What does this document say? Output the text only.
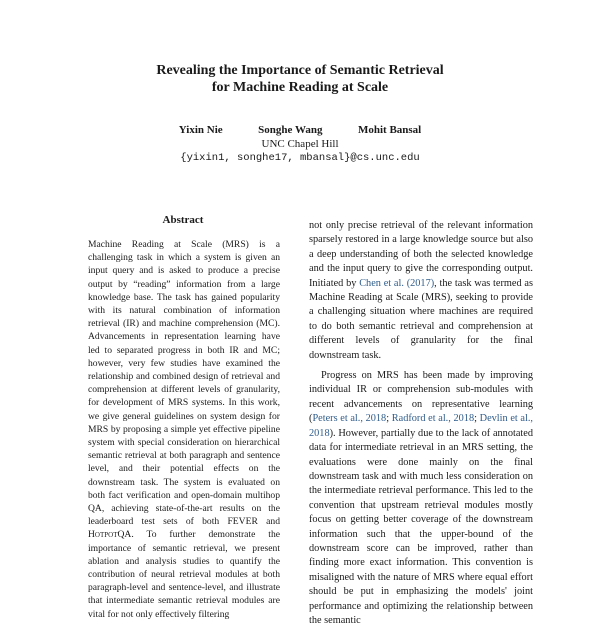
Revealing the Importance of Semantic Retrieval
for Machine Reading at Scale
Yixin Nie	Songhe Wang	Mohit Bansal
UNC Chapel Hill
{yixin1, songhe17, mbansal}@cs.unc.edu
Abstract

Machine Reading at Scale (MRS) is a challenging task in which a system is given an input query and is asked to produce a precise output by “reading” information from a large knowledge base. The task has gained popularity with its natural combination of information retrieval (IR) and machine comprehension (MC). Advancements in representation learning have led to separated progress in both IR and MC; however, very few studies have examined the relationship and combined design of retrieval and comprehension at different levels of granularity, for development of MRS systems. In this work, we give general guidelines on system design for MRS by proposing a simple yet effective pipeline system with special consideration on hierarchical semantic retrieval at both paragraph and sentence level, and their potential effects on the downstream task. The system is evaluated on both fact verification and open-domain multihop QA, achieving state-of-the-art results on the leaderboard test sets of both FEVER and HotpotQA. To further demonstrate the importance of semantic retrieval, we present ablation and analysis studies to quantify the contribution of neural retrieval modules at both paragraph-level and sentence-level, and illustrate that intermediate semantic retrieval modules are vital for not only effectively filtering

not only precise retrieval of the relevant information sparsely restored in a large knowledge source but also a deep understanding of both the selected knowledge and the input query to give the corresponding output. Initiated by Chen et al. (2017), the task was termed as Machine Reading at Scale (MRS), seeking to provide a challenging situation where machines are required to do both semantic retrieval and comprehension at different levels of granularity for the final downstream task.

Progress on MRS has been made by improving individual IR or comprehension sub-modules with recent advancements on representative learning (Peters et al., 2018; Radford et al., 2018; Devlin et al., 2018). However, partially due to the lack of annotated data for intermediate retrieval in an MRS setting, the evaluations were done mainly on the final downstream task and with much less consideration on the intermediate retrieval performance. This led to the convention that upstream retrieval modules mostly focus on getting better coverage of the downstream information such that the upper-bound of the downstream score can be improved, rather than finding more exact information. This convention is misaligned with the nature of MRS where equal effort should be put in emphasizing the models' joint performance and optimizing the relationship between the semantic
